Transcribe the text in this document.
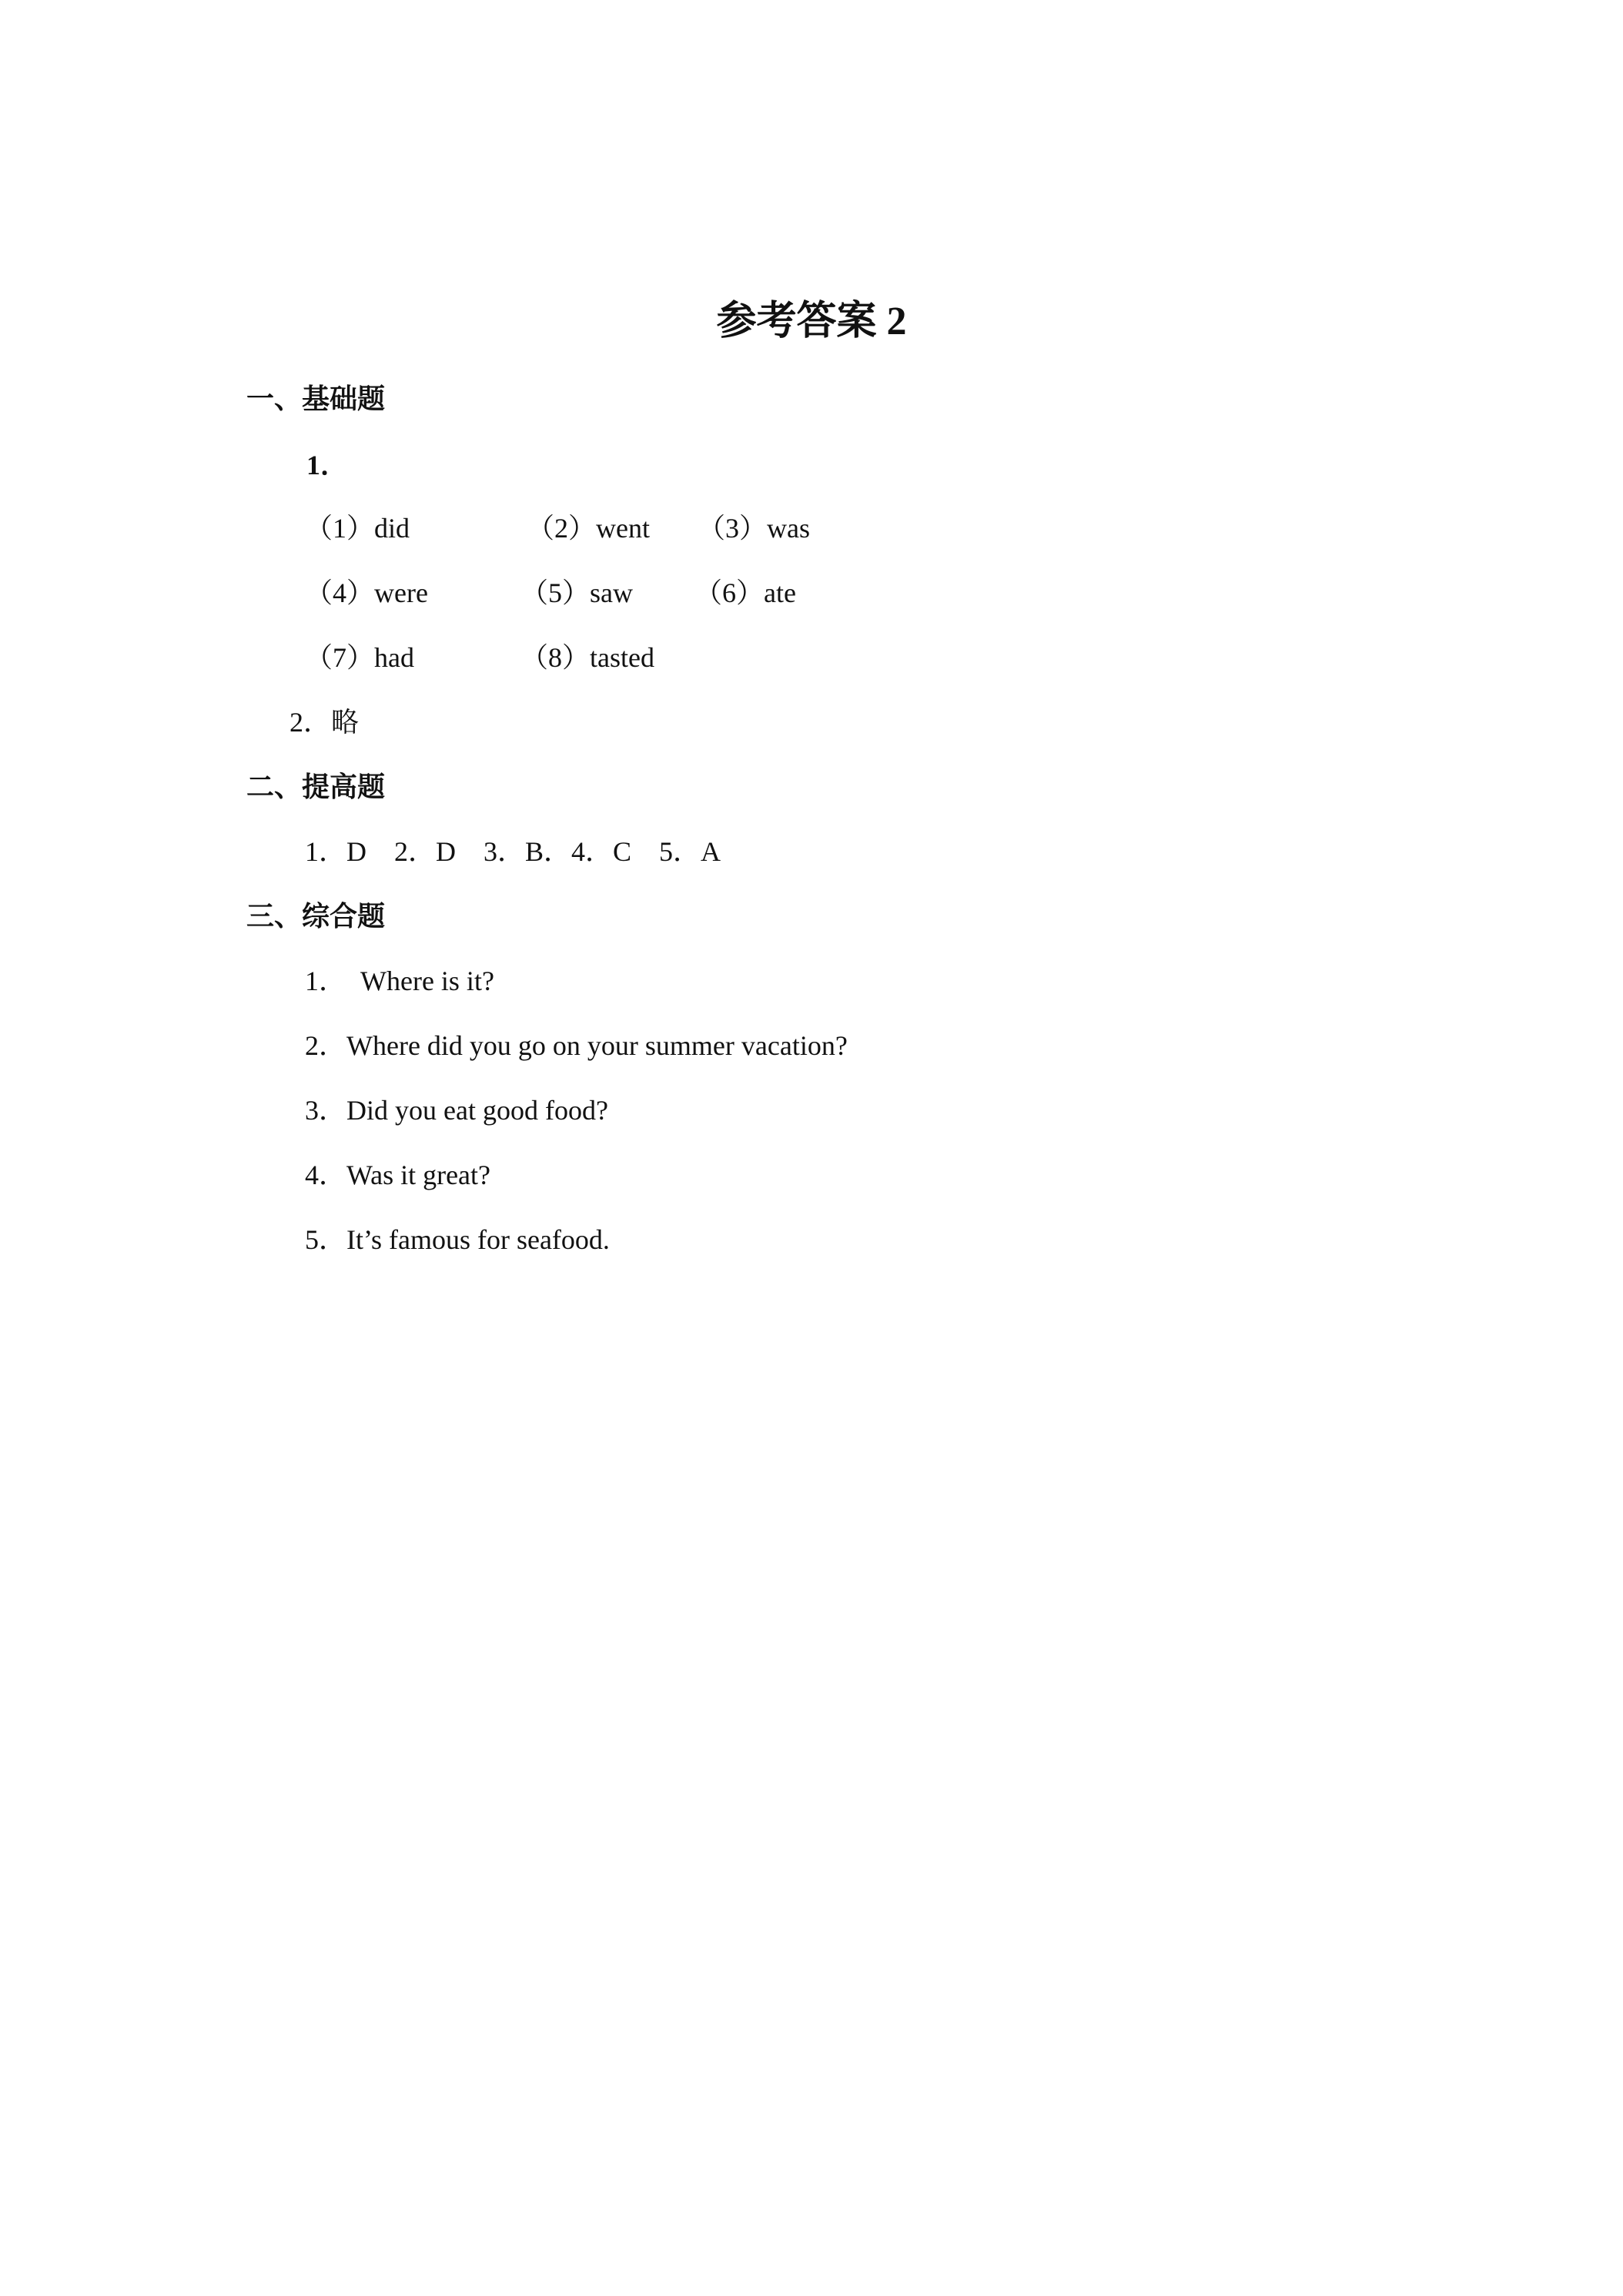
参考答案 2
一、基础题
1．
（1）did	（2）went （3）was
（4）were	（5）saw （6）ate
（7）had	（8）tasted
2．略
二、提高题
1．D　2．D　3．B．4．C　5．A
三、综合题
1．　Where is it?
2．Where did you go on your summer vacation?
3．Did you eat good food?
4．Was it great?
5．It’s famous for seafood.
